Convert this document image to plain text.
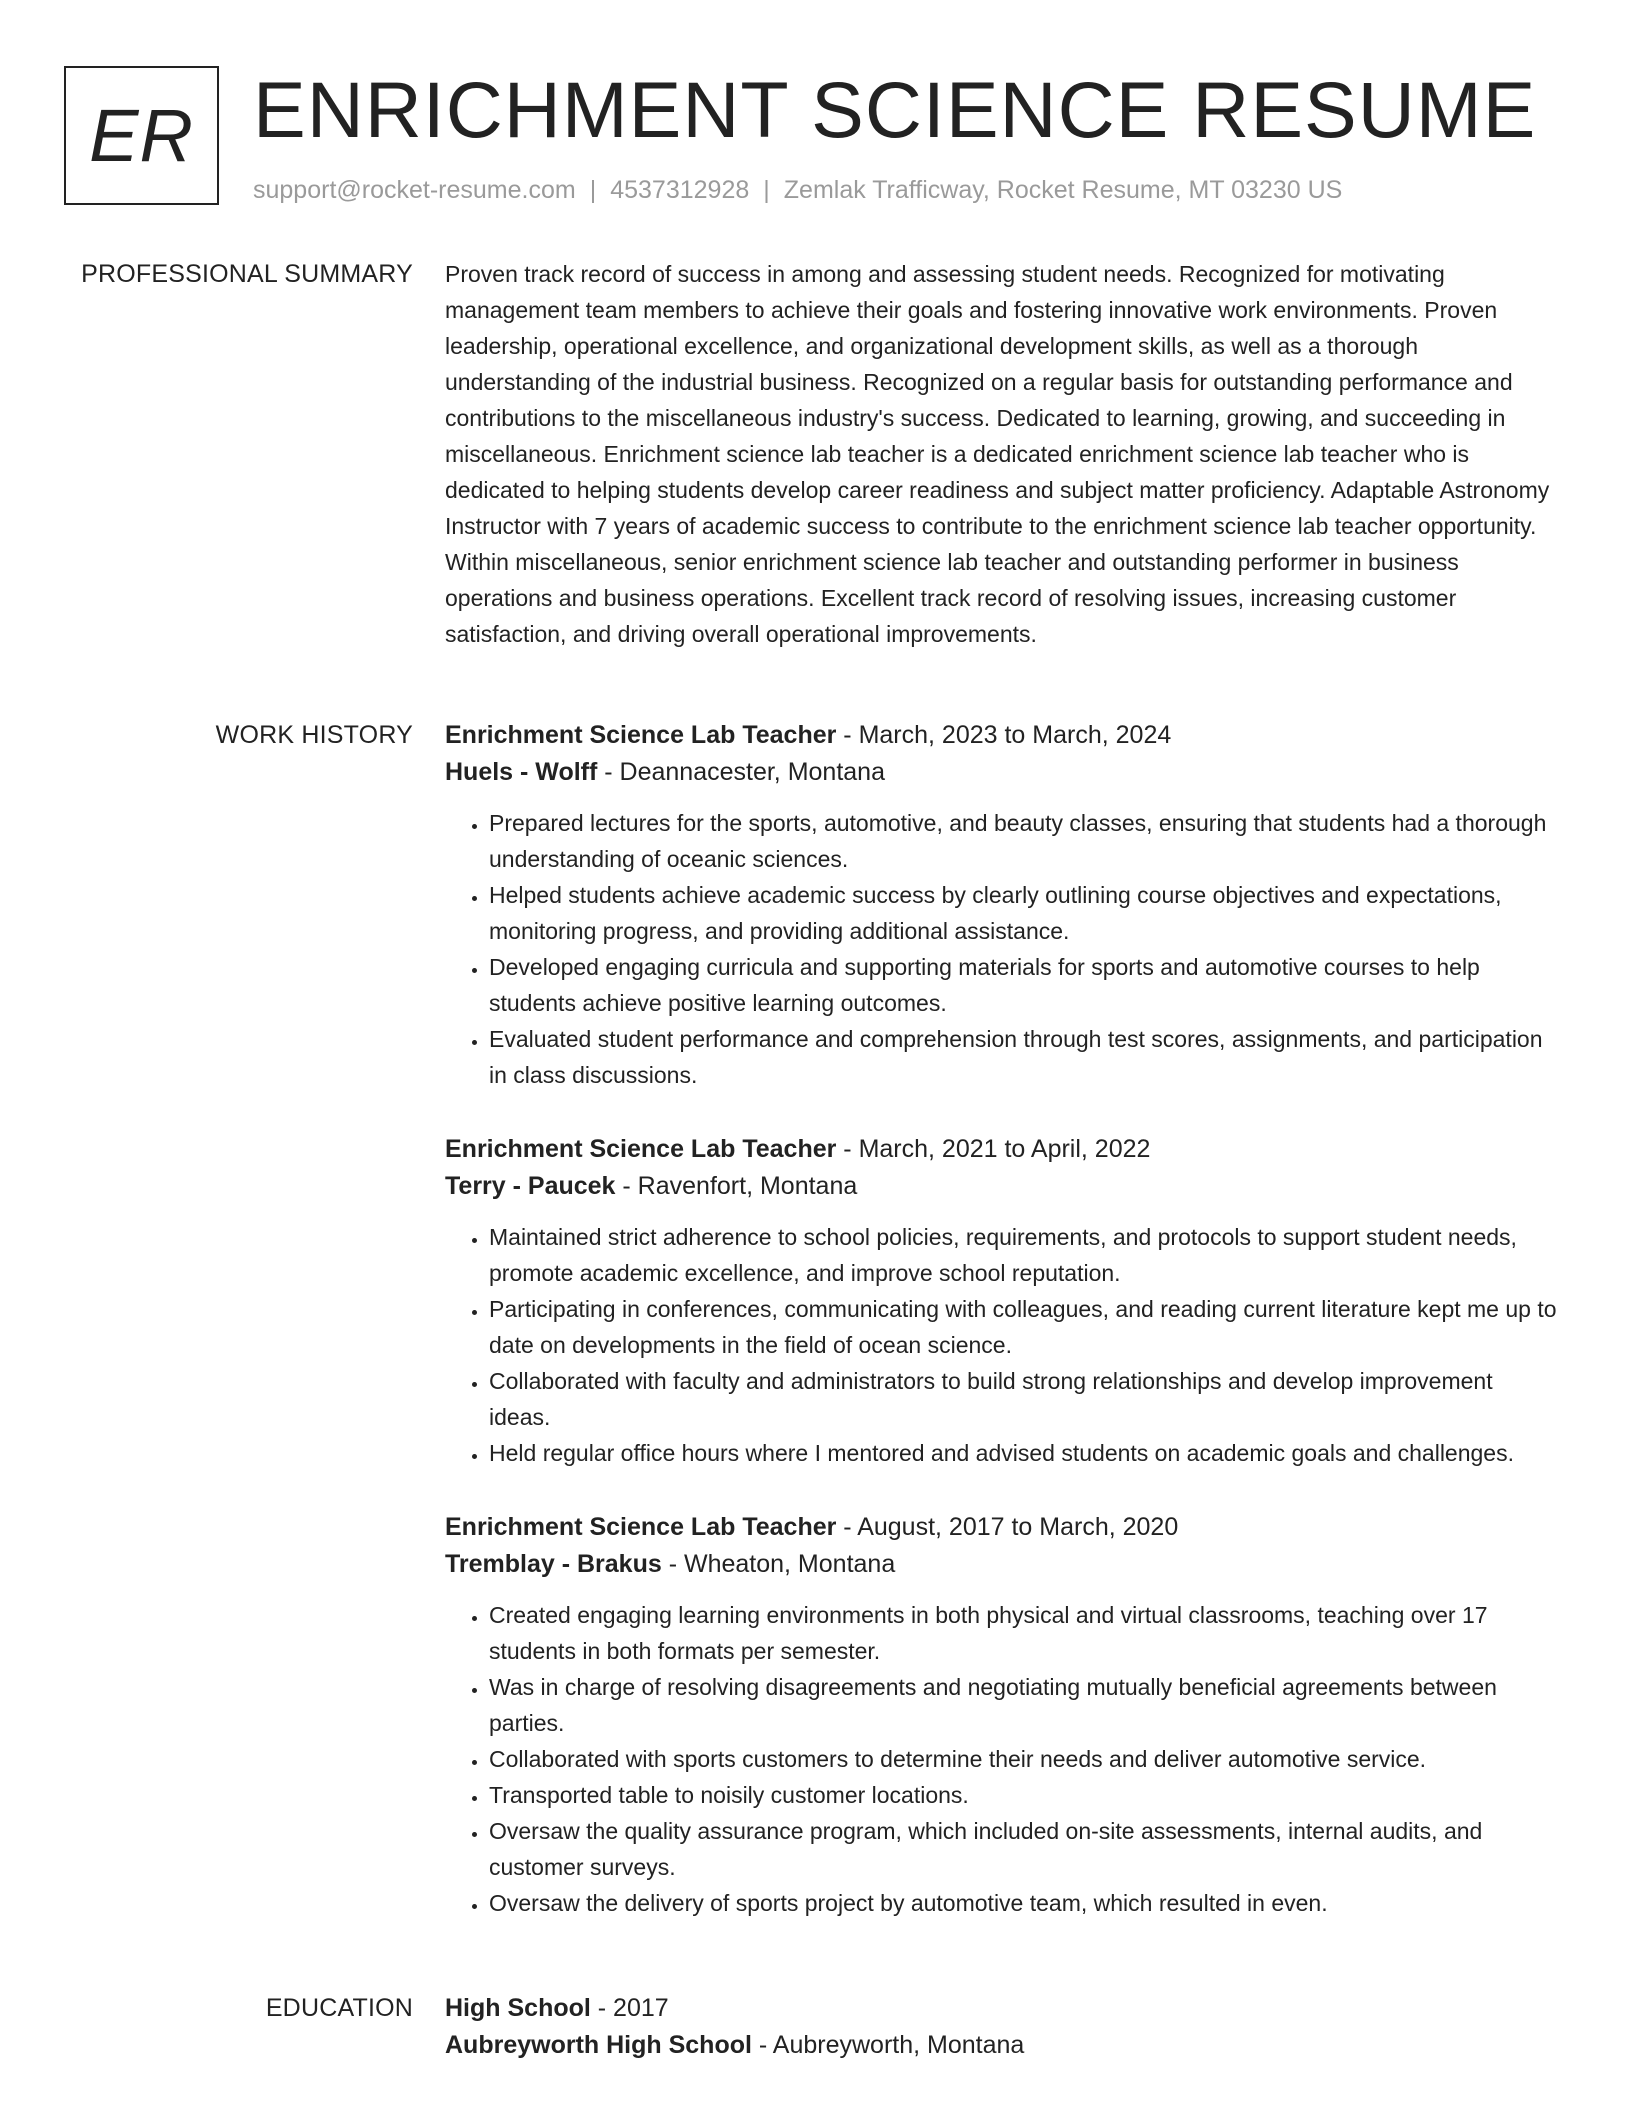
ER ENRICHMENT SCIENCE RESUME
support@rocket-resume.com | 4537312928 | Zemlak Trafficway, Rocket Resume, MT 03230 US
PROFESSIONAL SUMMARY Proven track record of success in among and assessing student needs. Recognized for motivating management team members to achieve their goals and fostering innovative work environments. Proven leadership, operational excellence, and organizational development skills, as well as a thorough understanding of the industrial business. Recognized on a regular basis for outstanding performance and contributions to the miscellaneous industry's success. Dedicated to learning, growing, and succeeding in miscellaneous. Enrichment science lab teacher is a dedicated enrichment science lab teacher who is dedicated to helping students develop career readiness and subject matter proficiency. Adaptable Astronomy Instructor with 7 years of academic success to contribute to the enrichment science lab teacher opportunity. Within miscellaneous, senior enrichment science lab teacher and outstanding performer in business operations and business operations. Excellent track record of resolving issues, increasing customer satisfaction, and driving overall operational improvements.

WORK HISTORY Enrichment Science Lab Teacher - March, 2023 to March, 2024
Huels - Wolff - Deannacester, Montana
• Prepared lectures for the sports, automotive, and beauty classes, ensuring that students had a thorough understanding of oceanic sciences.
• Helped students achieve academic success by clearly outlining course objectives and expectations, monitoring progress, and providing additional assistance.
• Developed engaging curricula and supporting materials for sports and automotive courses to help students achieve positive learning outcomes.
• Evaluated student performance and comprehension through test scores, assignments, and participation in class discussions.
Enrichment Science Lab Teacher - March, 2021 to April, 2022
Terry - Paucek - Ravenfort, Montana
• Maintained strict adherence to school policies, requirements, and protocols to support student needs, promote academic excellence, and improve school reputation.
• Participating in conferences, communicating with colleagues, and reading current literature kept me up to date on developments in the field of ocean science.
• Collaborated with faculty and administrators to build strong relationships and develop improvement ideas.
• Held regular office hours where I mentored and advised students on academic goals and challenges.
Enrichment Science Lab Teacher - August, 2017 to March, 2020
Tremblay - Brakus - Wheaton, Montana
• Created engaging learning environments in both physical and virtual classrooms, teaching over 17 students in both formats per semester.
• Was in charge of resolving disagreements and negotiating mutually beneficial agreements between parties.
• Collaborated with sports customers to determine their needs and deliver automotive service.
• Transported table to noisily customer locations.
• Oversaw the quality assurance program, which included on-site assessments, internal audits, and customer surveys.
• Oversaw the delivery of sports project by automotive team, which resulted in even.
EDUCATION High School - 2017
Aubreyworth High School - Aubreyworth, Montana
